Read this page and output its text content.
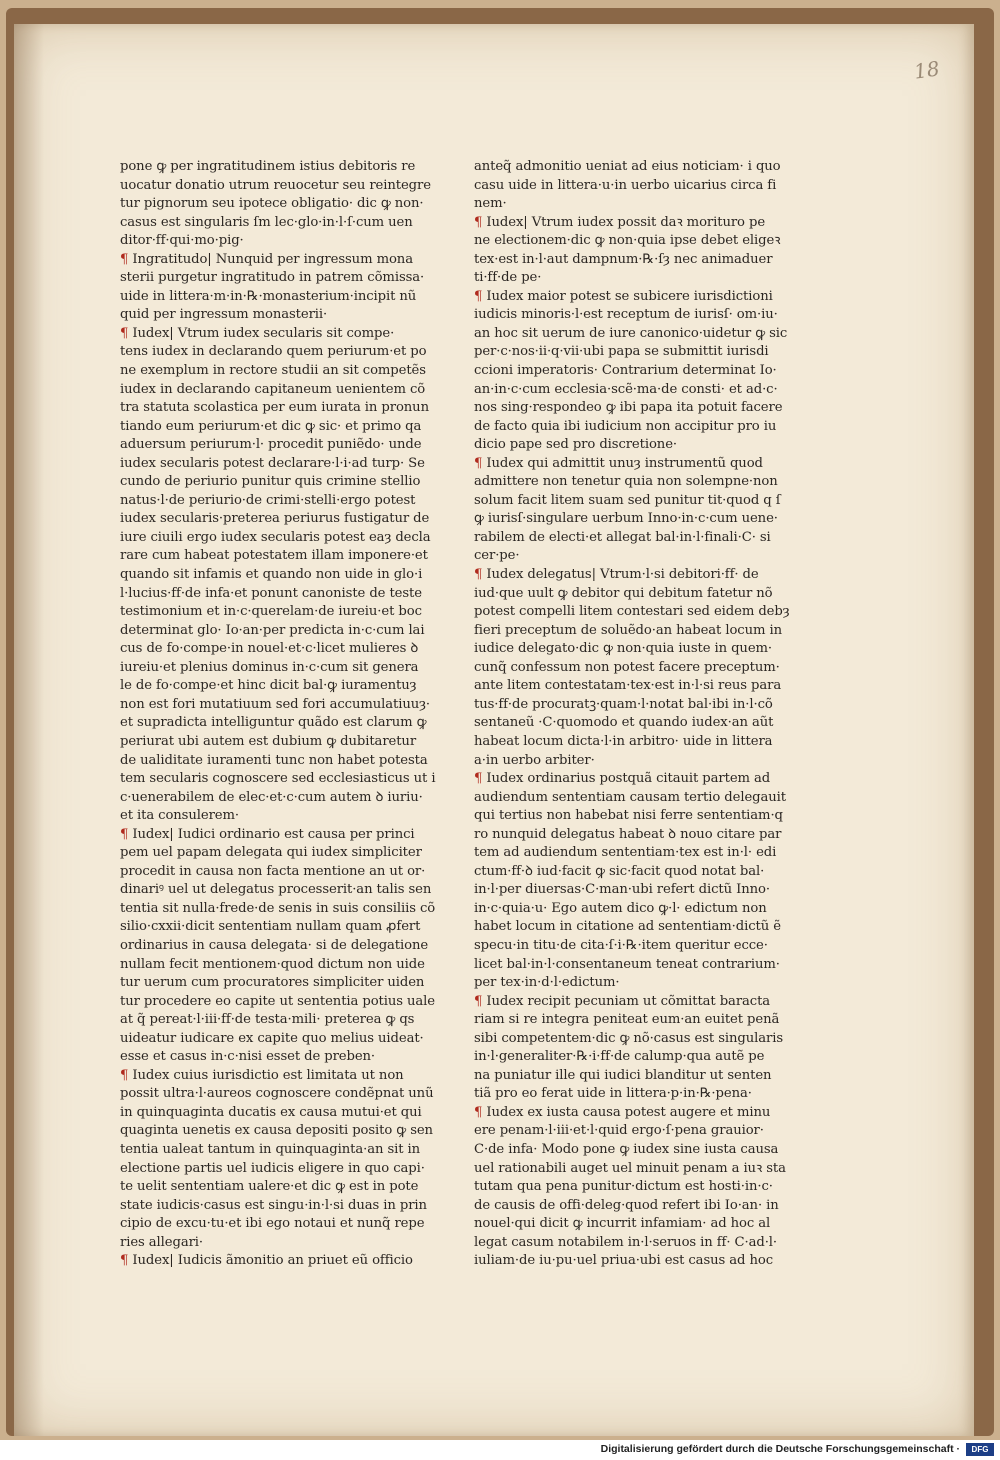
18
pone ꝙ per ingratitudinem istius debitoris re
uocatur donatio utrum reuocetur seu reintegre
tur pignorum seu ipotece obligatio· dic ꝙ non·
casus est singularis ſm lec·glo·in·l·ſ·cum uen
ditor·ff·qui·mo·pig·
¶ Ingratitudo| Nunquid per ingressum mona
sterii purgetur ingratitudo in patrem cõmissa·
uide in littera·m·in·℞·monasterium·incipit nũ
quid per ingressum monasterii·
¶ Iudex| Vtrum iudex secularis sit compe·
tens iudex in declarando quem periurum·et po
ne exemplum in rectore studii an sit competẽs
iudex in declarando capitaneum uenientem cõ
tra statuta scolastica per eum iurata in pronun
tiando eum periurum·et dic ꝙ sic· et primo qa
aduersum periurum·l· procedit puniẽdo· unde
iudex secularis potest declarare·l·i·ad turp· Se
cundo de periurio punitur quis crimine stellio
natus·l·de periurio·de crimi·stelli·ergo potest
iudex secularis·preterea periurus fustigatur de
iure ciuili ergo iudex secularis potest eaȝ decla
rare cum habeat potestatem illam imponere·et
quando sit infamis et quando non uide in glo·i
l·lucius·ff·de infa·et ponunt canoniste de teste
testimonium et in·c·querelam·de iureiu·et boc
determinat glo· Io·an·per predicta in·c·cum lai
cus de fo·compe·in nouel·et·c·licet mulieres ꝺ
iureiu·et plenius dominus in·c·cum sit genera
le de fo·compe·et hinc dicit bal·ꝙ iuramentuȝ
non est fori mutatiuum sed fori accumulatiuuȝ·
et supradicta intelliguntur quãdo est clarum ꝙ
periurat ubi autem est dubium ꝙ dubitaretur
de ualiditate iuramenti tunc non habet potesta
tem secularis cognoscere sed ecclesiasticus ut i
c·uenerabilem de elec·et·c·cum autem ꝺ iuriu·
et ita consulerem·
¶ Iudex| Iudici ordinario est causa per princi
pem uel papam delegata qui iudex simpliciter
procedit in causa non facta mentione an ut or·
dinariꝰ uel ut delegatus processerit·an talis sen
tentia sit nulla·frede·de senis in suis consiliis cõ
silio·cxxii·dicit sententiam nullam quam ꝓfert
ordinarius in causa delegata· si de delegatione
nullam fecit mentionem·quod dictum non uide
tur uerum cum procuratores simpliciter uiden
tur procedere eo capite ut sententia potius uale
at q̃ pereat·l·iii·ff·de testa·mili· preterea ꝙ qs
uideatur iudicare ex capite quo melius uideat·
esse et casus in·c·nisi esset de preben·
¶ Iudex cuius iurisdictio est limitata ut non
possit ultra·l·aureos cognoscere condẽpnat unũ
in quinquaginta ducatis ex causa mutui·et qui
quaginta uenetis ex causa depositi posito ꝙ sen
tentia ualeat tantum in quinquaginta·an sit in
electione partis uel iudicis eligere in quo capi·
te uelit sententiam ualere·et dic ꝙ est in pote
state iudicis·casus est singu·in·l·si duas in prin
cipio de excu·tu·et ibi ego notaui et nunq̃ repe
ries allegari·
¶ Iudex| Iudicis ãmonitio an priuet eũ officio
anteq̃ admonitio ueniat ad eius noticiam· i quo
casu uide in littera·u·in uerbo uicarius circa fi
nem·
¶ Iudex| Vtrum iudex possit daꝛ morituro pe
ne electionem·dic ꝙ non·quia ipse debet eligeꝛ
tex·est in·l·aut dampnum·℞·ſȝ nec animaduer
ti·ff·de pe·
¶ Iudex maior potest se subicere iurisdictioni
iudicis minoris·l·est receptum de iurisſ· om·iu·
an hoc sit uerum de iure canonico·uidetur ꝙ sic
per·c·nos·ii·q·vii·ubi papa se submittit iurisdi
ccioni imperatoris· Contrarium determinat Io·
an·in·c·cum ecclesia·scẽ·ma·de consti· et ad·c·
nos sing·respondeo ꝙ ibi papa ita potuit facere
de facto quia ibi iudicium non accipitur pro iu
dicio pape sed pro discretione·
¶ Iudex qui admittit unuȝ instrumentũ quod
admittere non tenetur quia non solempne·non
solum facit litem suam sed punitur tit·quod q ſ
ꝙ iurisſ·singulare uerbum Inno·in·c·cum uene·
rabilem de electi·et allegat bal·in·l·finali·C· si
cer·pe·
¶ Iudex delegatus| Vtrum·l·si debitori·ff· de
iud·que uult ꝙ debitor qui debitum fatetur nõ
potest compelli litem contestari sed eidem debȝ
fieri preceptum de soluẽdo·an habeat locum in
iudice delegato·dic ꝙ non·quia iuste in quem·
cunq̃ confessum non potest facere preceptum·
ante litem contestatam·tex·est in·l·si reus para
tus·ff·de procuratꝫ·quam·l·notat bal·ibi in·l·cõ
sentaneũ ·C·quomodo et quando iudex·an aũt
habeat locum dicta·l·in arbitro· uide in littera
a·in uerbo arbiter·
¶ Iudex ordinarius postquã citauit partem ad
audiendum sententiam causam tertio delegauit
qui tertius non habebat nisi ferre sententiam·q
ro nunquid delegatus habeat ꝺ nouo citare par
tem ad audiendum sententiam·tex est in·l· edi
ctum·ff·ꝺ iud·facit ꝙ sic·facit quod notat bal·
in·l·per diuersas·C·man·ubi refert dictũ Inno·
in·c·quia·u· Ego autem dico ꝙ·l· edictum non
habet locum in citatione ad sententiam·dictũ ẽ
specu·in titu·de cita·ſ·i·℞·item queritur ecce·
licet bal·in·l·consentaneum teneat contrarium·
per tex·in·d·l·edictum·
¶ Iudex recipit pecuniam ut cõmittat baracta
riam si re integra peniteat eum·an euitet penã
sibi competentem·dic ꝙ nõ·casus est singularis
in·l·generaliter·℞·i·ff·de calump·qua autẽ pe
na puniatur ille qui iudici blanditur ut senten
tiã pro eo ferat uide in littera·p·in·℞·pena·
¶ Iudex ex iusta causa potest augere et minu
ere penam·l·iii·et·l·quid ergo·ſ·pena grauior·
C·de infa· Modo pone ꝙ iudex sine iusta causa
uel rationabili auget uel minuit penam a iuꝛ sta
tutam qua pena punitur·dictum est hosti·in·c·
de causis de offi·deleg·quod refert ibi Io·an· in
nouel·qui dicit ꝙ incurrit infamiam· ad hoc al
legat casum notabilem in·l·seruos in ff· C·ad·l·
iuliam·de iu·pu·uel priua·ubi est casus ad hoc
Digitalisierung gefördert durch die Deutsche Forschungsgemeinschaft ·	DFG
